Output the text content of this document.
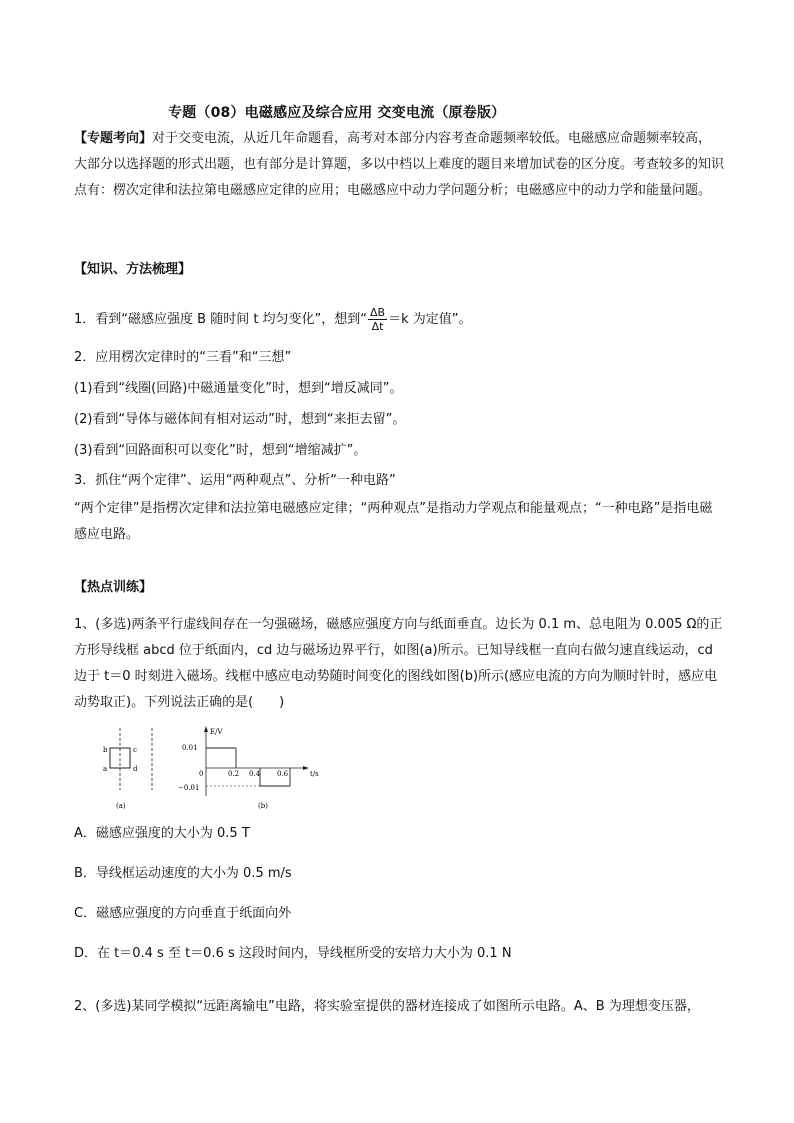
专题（08）电磁感应及综合应用 交变电流（原卷版）
【专题考向】对于交变电流，从近几年命题看，高考对本部分内容考查命题频率较低。电磁感应命题频率较高，大部分以选择题的形式出题，也有部分是计算题，多以中档以上难度的题目来增加试卷的区分度。考查较多的知识点有：楞次定律和法拉第电磁感应定律的应用；电磁感应中动力学问题分析；电磁感应中的动力学和能量问题。
【知识、方法梳理】
1．看到“磁感应强度 B 随时间 t 均匀变化”，想到“ $\frac{\Delta B}{\Delta t} =k$ 为定值”。
2．应用楞次定律时的“三看”和“三想”
(1)看到“线圈(回路)中磁通量变化”时，想到“增反减同”。
(2)看到“导体与磁体间有相对运动”时，想到“来拒去留”。
(3)看到“回路面积可以变化”时，想到“增缩减扩”。
3．抓住“两个定律”、运用“两种观点”、分析“一种电路”
“两个定律”是指楞次定律和法拉第电磁感应定律；“两种观点”是指动力学观点和能量观点；“一种电路”是指电磁感应电路。
【热点训练】
1、(多选)两条平行虚线间存在一匀强磁场，磁感应强度方向与纸面垂直。边长为 0.1 m、总电阻为 0.005 Ω的正方形导线框 abcd 位于纸面内，cd 边与磁场边界平行，如图(a)所示。已知导线框一直向右做匀速直线运动，cd 边于 t＝0 时刻进入磁场。线框中感应电动势随时间变化的图线如图(b)所示(感应电流的方向为顺时针时，感应电动势取正)。下列说法正确的是(　　)
b	c
a	d
(a)
E/V
t/s
0
0.01
−0.01
0.2 0.4 0.6
(b)
A．磁感应强度的大小为 0.5 T
B．导线框运动速度的大小为 0.5 m/s
C．磁感应强度的方向垂直于纸面向外
D．在 t＝0.4 s 至 t＝0.6 s 这段时间内，导线框所受的安培力大小为 0.1 N
2、(多选)某同学模拟“远距离输电”电路，将实验室提供的器材连接成了如图所示电路。A、B 为理想变压器，
